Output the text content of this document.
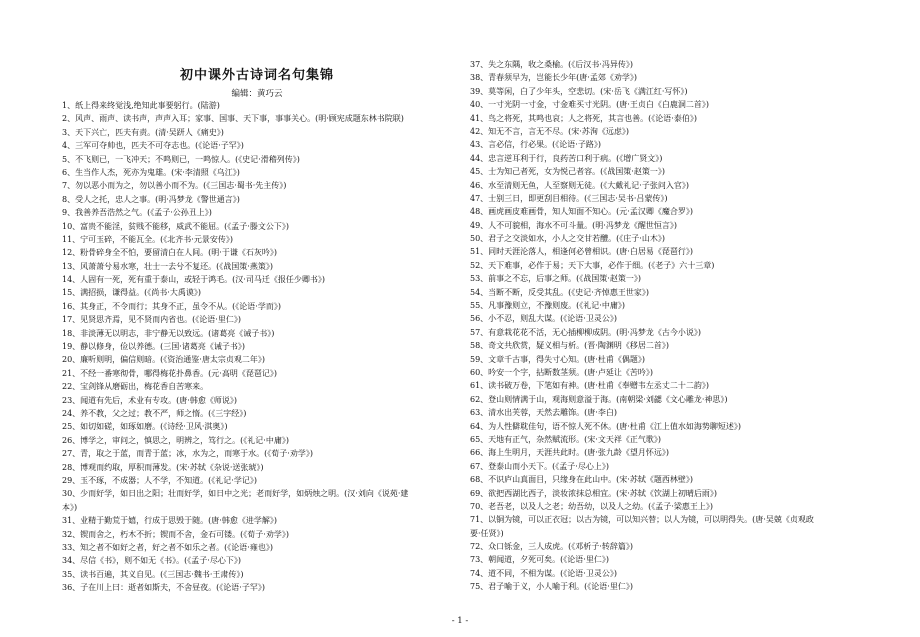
初中课外古诗词名句集锦
编辑：黄巧云
1、纸上得来终觉浅,绝知此事要躬行。(陆游)
2、风声、雨声、读书声，声声入耳；家事、国事、天下事，事事关心。(明·顾宪成题东林书院联)
3、天下兴亡，匹夫有责。(清·吴趼人《痛史》)
4、三军可夺帅也，匹夫不可夺志也。(《论语·子罕》)
5、不飞则已，一飞冲天；不鸣则已，一鸣惊人。(《史记·滑稽列传》)
6、生当作人杰，死亦为鬼雄。(宋·李清照《乌江》)
7、勿以恶小而为之，勿以善小而不为。(《三国志·蜀书·先主传》)
8、受人之托，忠人之事。(明·冯梦龙《警世通言》)
9、我善养吾浩然之气。(《孟子·公孙丑上》)
10、富贵不能淫，贫贱不能移，威武不能屈。(《孟子·滕文公下》)
11、宁可玉碎，不能瓦全。(《北齐书·元景安传》)
12、粉骨碎身全不怕，要留清白在人间。(明·于谦《石灰吟》)
13、风萧萧兮易水寒，壮士一去兮不复还。(《战国策·燕策》)
14、人固有一死，死有重于泰山，或轻于鸿毛。(汉·司马迁《报任少卿书》)
15、满招损，谦得益。(《尚书·大禹谟》)
16、其身正，不令而行；其身不正，虽令不从。(《论语·学而》)
17、见贤思齐焉，见不贤而内省也。(《论语·里仁》)
18、非淡薄无以明志，非宁静无以致远。(诸葛亮《诫子书》)
19、静以修身，俭以养德。(三国·诸葛亮《诫子书》)
20、廉听则明，偏信则暗。(《资治通鉴·唐太宗贞观二年》)
21、不经一番寒彻骨，哪得梅花扑鼻香。(元·高明《琵琶记》)
22、宝剑锋从磨砺出，梅花香自苦寒来。
23、闻道有先后，术业有专攻。(唐·韩愈《师说》)
24、养不教，父之过；教不严，师之惰。(《三字经》)
25、如切如磋，如琢如磨。(《诗经·卫风·淇奥》)
26、博学之，审问之，慎思之，明辨之，笃行之。(《礼记·中庸》)
27、青，取之于蓝，而青于蓝；冰，水为之，而寒于水。(《荀子·劝学》)
28、博观而约取，厚积而薄发。(宋·苏轼《杂说·送张琥》)
29、玉不琢，不成器；人不学，不知道。(《礼记·学记》)
30、少而好学，如日出之阳；壮而好学，如日中之光；老而好学，如炳烛之明。(汉·刘向《说苑·建
本》)
31、业精于勤荒于嬉，行成于思毁于随。(唐·韩愈《进学解》)
32、锲而舍之，朽木不折；锲而不舍，金石可镂。(《荀子·劝学》)
33、知之者不如好之者，好之者不如乐之者。(《论语·雍也》)
34、尽信《书》，则不如无《书》。(《孟子·尽心下》)
35、读书百遍，其义自见。(《三国志·魏书·王肃传》)
36、子在川上曰：逝者如斯夫，不舍昼夜。(《论语·子罕》)
37、失之东隅，收之桑榆。(《后汉书·冯异传》)
38、青春须早为，岂能长少年(唐·孟郊《劝学》)
39、莫等闲，白了少年头，空悲切。(宋·岳飞《满江红·写怀》)
40、一寸光阴一寸金，寸金难买寸光阴。(唐·王贞白《白鹿洞二首》)
41、鸟之将死，其鸣也哀；人之将死，其言也善。(《论语·泰伯》)
42、知无不言，言无不尽。(宋·苏洵《远虑》)
43、言必信，行必果。(《论语·子路》)
44、忠言逆耳利于行，良药苦口利于病。(《增广贤文》)
45、士为知己者死，女为悦己者容。(《战国策·赵策一》)
46、水至清则无鱼，人至察则无徒。(《大戴礼记·子张问入官》)
47、士别三日，即更刮目相待。(《三国志·吴书·吕蒙传》)
48、画虎画皮难画骨，知人知面不知心。(元·孟汉卿《魔合罗》)
49、人不可貌相，海水不可斗量。(明·冯梦龙《醒世恒言》)
50、君子之交淡如水，小人之交甘若醴。(《庄子·山木》)
51、同时天涯沦落人，相逢何必曾相识。(唐·白居易《琵琶行》)
52、天下难事，必作于易；天下大事，必作于细。(《老子》六十三章)
53、前事之不忘，后事之师。(《战国策·赵策一》)
54、当断不断，反受其乱。(《史记·齐悼惠王世家》)
55、凡事豫则立，不豫则废。(《礼记·中庸》)
56、小不忍，则乱大谋。(《论语·卫灵公》)
57、有意栽花花不活，无心插柳柳成阴。(明·冯梦龙《古今小说》)
58、奇文共欣赏，疑义相与析。(晋·陶渊明《移居二首》)
59、文章千古事，得失寸心知。(唐·杜甫《偶题》)
60、吟安一个字，拈断数茎须。(唐·卢延让《苦吟》)
61、读书破万卷，下笔如有神。(唐·杜甫《奉赠韦左丞丈二十二韵》)
62、登山则情满于山，观海则意溢于海。(南朝梁·刘勰《文心雕龙·神思》)
63、清水出芙蓉，天然去雕饰。(唐·李白)
64、为人性僻耽佳句，语不惊人死不休。(唐·杜甫《江上值水如海势聊短述》)
65、天地有正气，杂然赋流形。(宋·文天祥《正气歌》)
66、海上生明月，天涯共此时。(唐·张九龄《望月怀远》)
67、登泰山而小天下。(《孟子·尽心上》)
68、不识庐山真面目，只缘身在此山中。(宋·苏轼《题西林壁》)
69、欲把西湖比西子，淡妆浓抹总相宜。(宋·苏轼《饮湖上初晴后雨》)
70、老吾老，以及人之老；幼吾幼，以及人之幼。(《孟子·梁惠王上》)
71、以铜为镜，可以正衣冠；以古为镜，可以知兴替；以人为镜，可以明得失。(唐·吴兢《贞观政
要·任贤》)
72、众口铄金，三人成虎。(《邓析子·转辞篇》)
73、朝闻道，夕死可矣。(《论语·里仁》)
74、道不同，不相为谋。(《论语·卫灵公》)
75、君子喻于义，小人喻于利。(《论语·里仁》)
- 1 -
